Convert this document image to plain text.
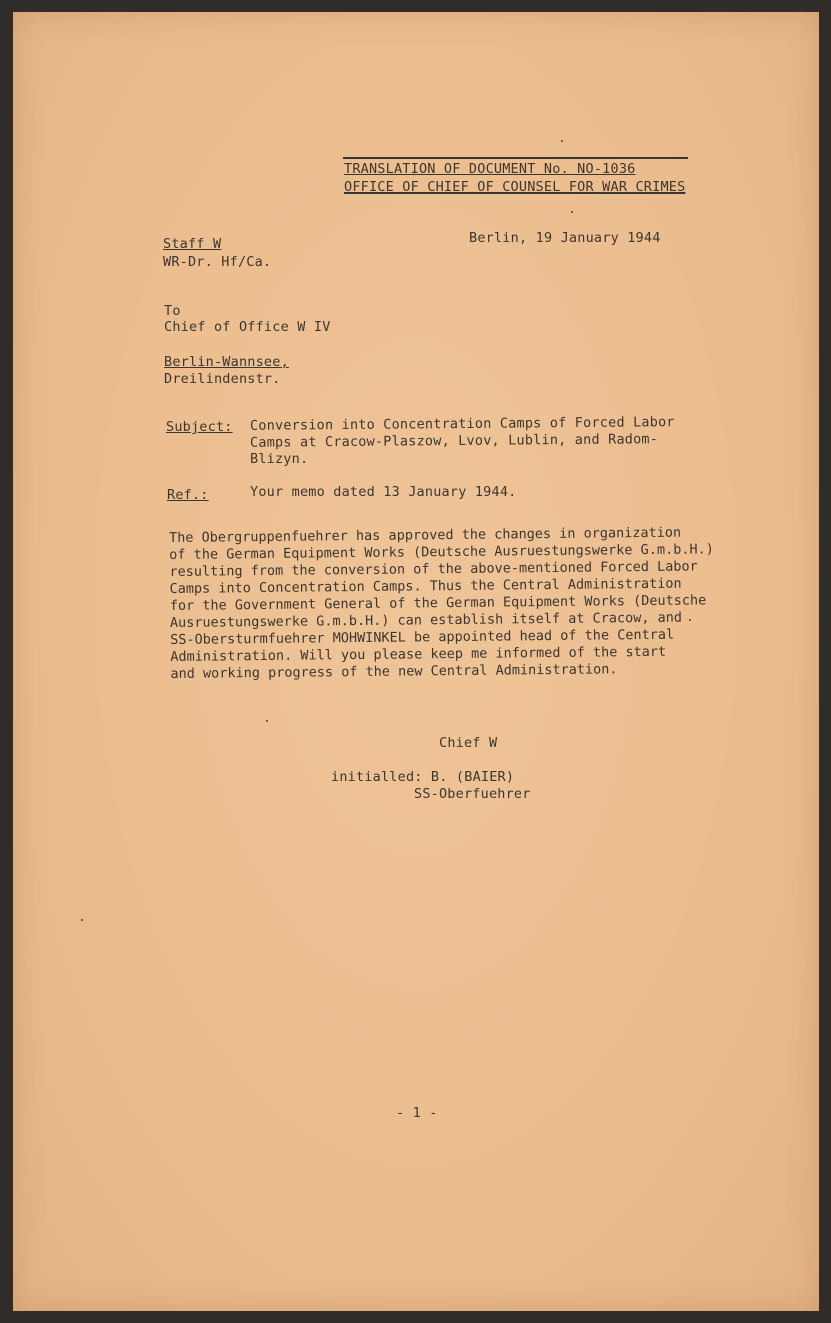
TRANSLATION OF DOCUMENT No. NO-1036
OFFICE OF CHIEF OF COUNSEL FOR WAR CRIMES
Berlin, 19 January 1944
Staff W
WR-Dr. Hf/Ca.
To
Chief of Office W IV
Berlin-Wannsee,
Dreilindenstr.
Subject: Conversion into Concentration Camps of Forced Labor
Camps at Cracow-Plaszow, Lvov, Lublin, and Radom-
Blizyn.
Ref.:	Your memo dated 13 January 1944.
The Obergruppenfuehrer has approved the changes in organization
of the German Equipment Works (Deutsche Ausruestungswerke G.m.b.H.)
resulting from the conversion of the above-mentioned Forced Labor
Camps into Concentration Camps. Thus the Central Administration
for the Government General of the German Equipment Works (Deutsche
Ausruestungswerke G.m.b.H.) can establish itself at Cracow, and
SS-Obersturmfuehrer MOHWINKEL be appointed head of the Central
Administration. Will you please keep me informed of the start
and working progress of the new Central Administration.
Chief W
initialled: B. (BAIER)
SS-Oberfuehrer
- 1 -
